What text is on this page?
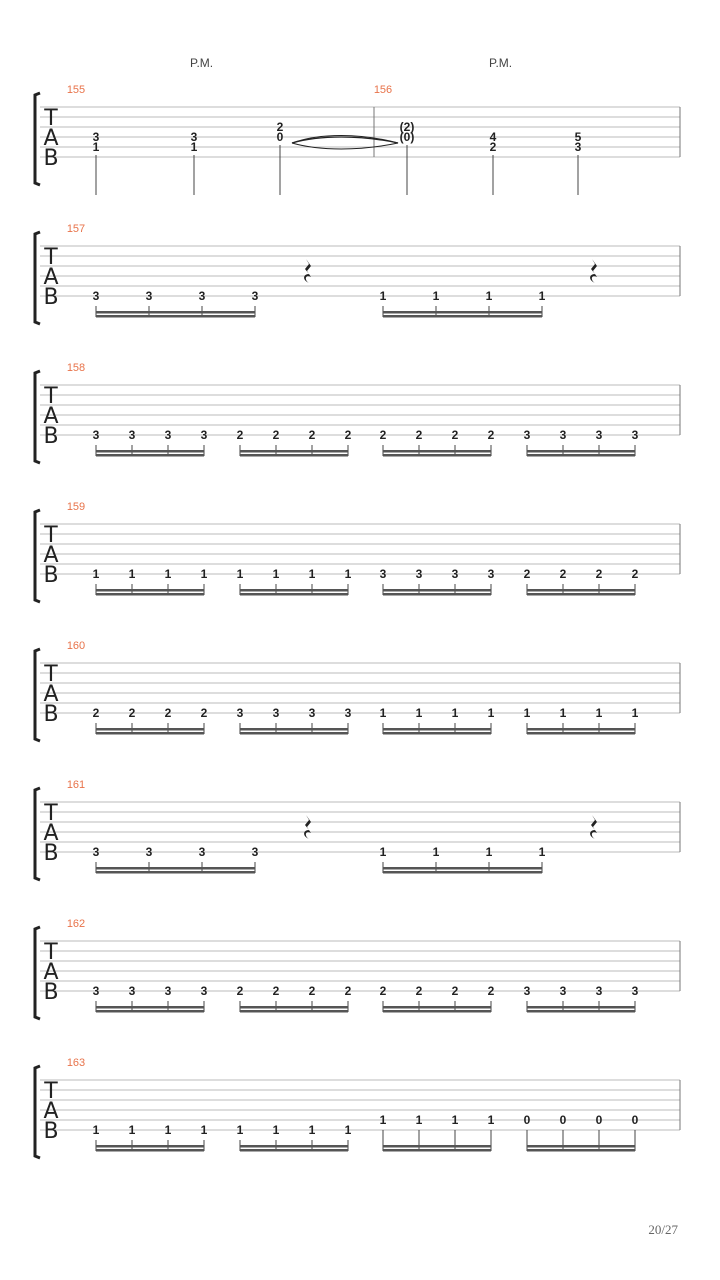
P.M.	P.M.
T
A
B
155	156
3
1
3
1
2
0
(2)
(0)	4
2
5
3
T
A
B
157
3	3	3	3	1	1	1	1
T
A
B
158
3 3 3 3 2 2 2 2 2 2 2 2 3 3 3 3
T
A
B
159
1 1 1 1 1 1 1 1 3 3 3 3 2 2 2 2
T
A
B
160
2 2 2 2 3 3 3 3 1 1 1 1 1 1 1 1
T
A
B
161
3	3	3	3	1	1	1	1
T
A
B
162
3 3 3 3 2 2 2 2 2 2 2 2 3 3 3 3
T
A
B
163
1 1 1 1 1 1 1 1
1 1 1 1 0 0 0 0
20/27
